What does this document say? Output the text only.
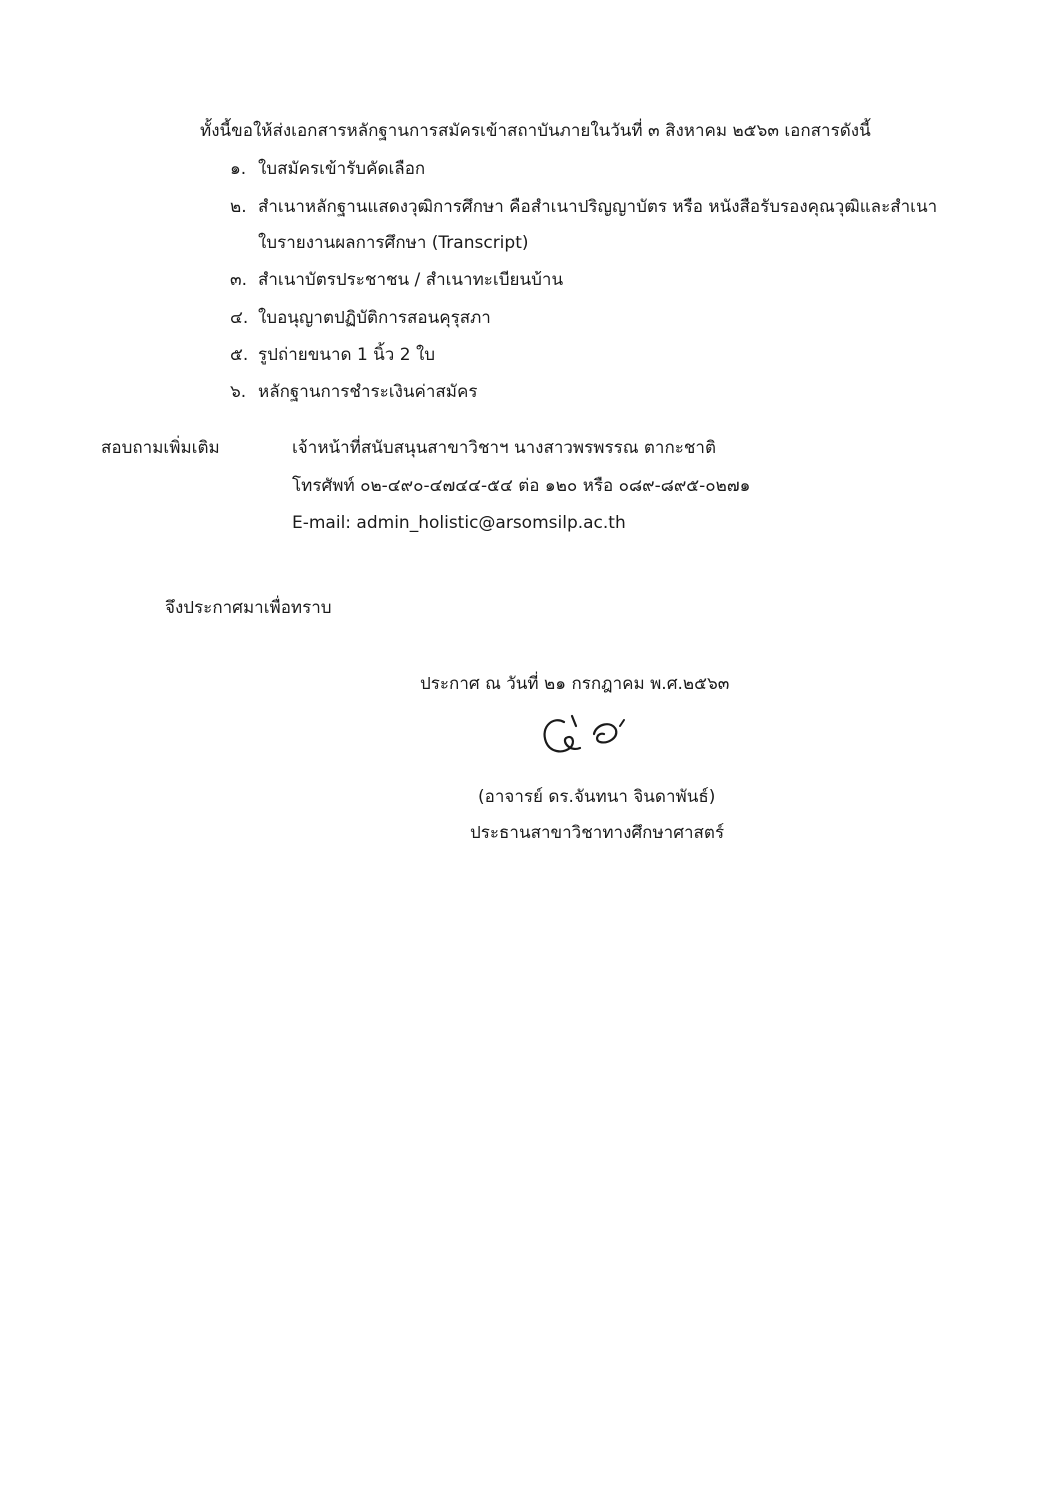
ทั้งนี้ขอให้ส่งเอกสารหลักฐานการสมัครเข้าสถาบันภายในวันที่ ๓ สิงหาคม ๒๕๖๓ เอกสารดังนี้
๑. ใบสมัครเข้ารับคัดเลือก
๒. สำเนาหลักฐานแสดงวุฒิการศึกษา คือสำเนาปริญญาบัตร หรือ หนังสือรับรองคุณวุฒิและสำเนา
ใบรายงานผลการศึกษา (Transcript)
๓. สำเนาบัตรประชาชน / สำเนาทะเบียนบ้าน
๔. ใบอนุญาตปฏิบัติการสอนคุรุสภา
๕. รูปถ่ายขนาด 1 นิ้ว 2 ใบ
๖. หลักฐานการชำระเงินค่าสมัคร
สอบถามเพิ่มเติม	เจ้าหน้าที่สนับสนุนสาขาวิชาฯ นางสาวพรพรรณ ตากะชาติ
โทรศัพท์ ๐๒-๔๙๐-๔๗๔๔-๕๔ ต่อ ๑๒๐ หรือ ๐๘๙-๘๙๕-๐๒๗๑
E-mail: admin_holistic@arsomsilp.ac.th
จึงประกาศมาเพื่อทราบ
ประกาศ ณ วันที่ ๒๑ กรกฎาคม พ.ศ.๒๕๖๓
(อาจารย์ ดร.จันทนา จินดาพันธ์)
ประธานสาขาวิชาทางศึกษาศาสตร์
